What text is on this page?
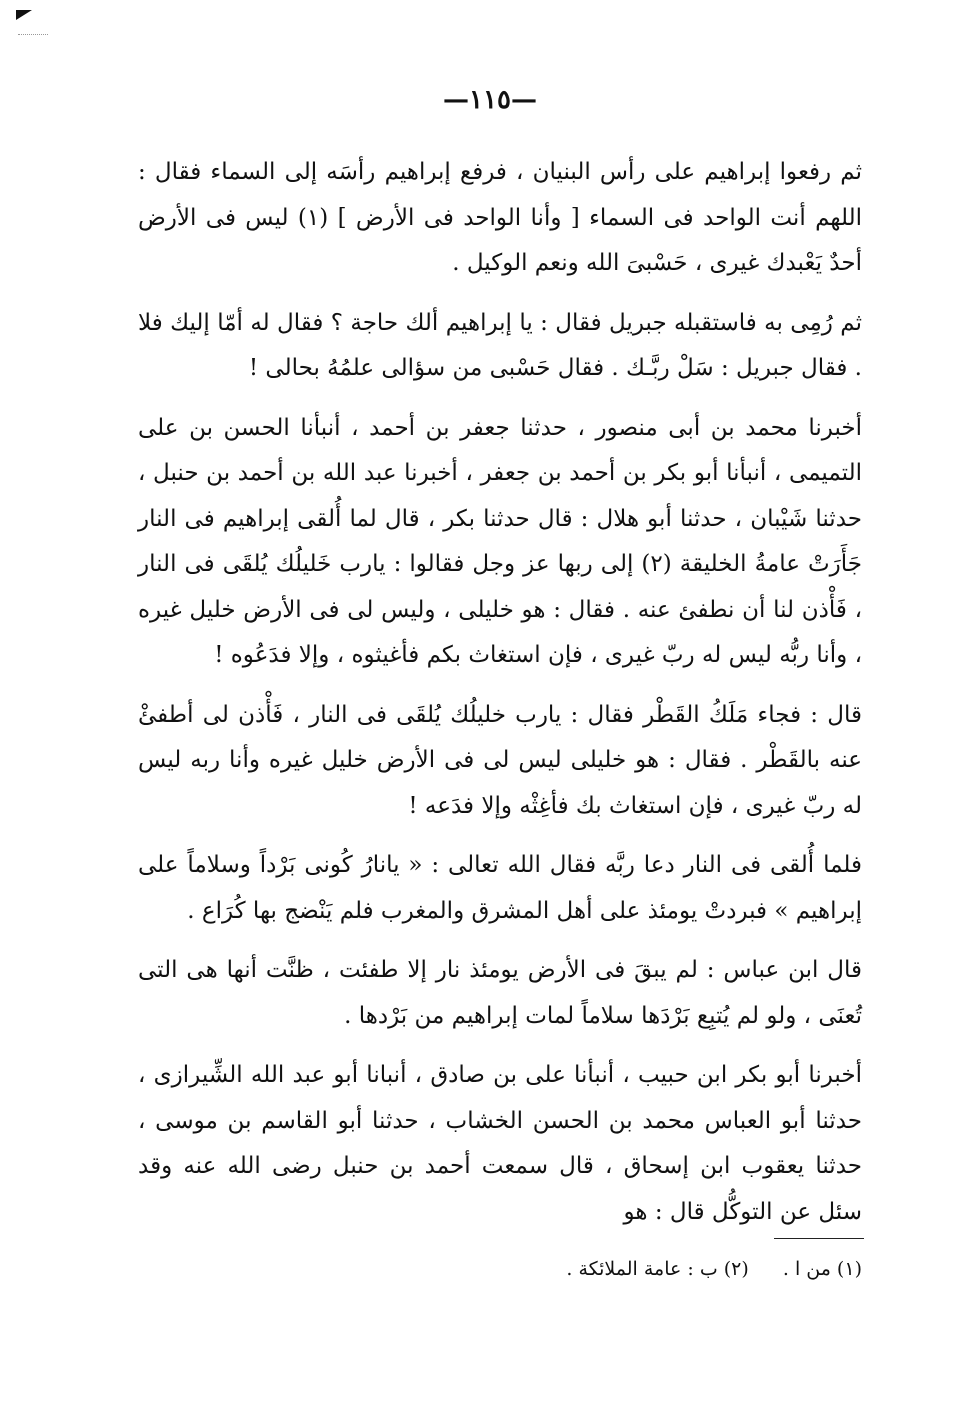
—١١٥—

ثم رفعوا إبراهيم على رأس البنيان ، فرفع إبراهيم رأسَه إلى السماء فقال : اللهم أنت الواحد فى السماء [ وأنا الواحد فى الأرض ] (١) ليس فى الأرض أحدٌ يَعْبدك غيرى ، حَسْبىَ الله ونعم الوكيل .

ثم رُمِى به فاستقبله جبريل فقال : يا إبراهيم ألك حاجة ؟ فقال له أمّا إليك فلا . فقال جبريل : سَلْ ربَّـك . فقال حَسْبى من سؤالى علمُهُ بحالى !

أخبرنا محمد بن أبى منصور ، حدثنا جعفر بن أحمد ، أنبأنا الحسن بن على التميمى ، أنبأنا أبو بكر بن أحمد بن جعفر ، أخبرنا عبد الله بن أحمد بن حنبل ، حدثنا شَيْبان ، حدثنا أبو هلال : قال حدثنا بكر ، قال لما أُلقى إبراهيم فى النار جَأَرَتْ عامةُ الخليقة (٢) إلى ربها عز وجل فقالوا : يارب خَليلُك يُلقَى فى النار ، فَأْذن لنا أن نطفئ عنه . فقال : هو خليلى ، وليس لى فى الأرض خليل غيره ، وأنا ربُّه ليس له ربّ غيرى ، فإن استغاث بكم فأغيثوه ، وإلا فدَعُوه !

قال : فجاء مَلَكُ القَطْر فقال : يارب خليلُك يُلقَى فى النار ، فَأْذن لى أطفئْ عنه بالقَطْر . فقال : هو خليلى ليس لى فى الأرض خليل غيره وأنا ربه ليس له ربّ غيرى ، فإن استغاث بك فأغِثْه وإلا فدَعه !

فلما أُلقى فى النار دعا ربَّه فقال الله تعالى : « يانارُ كُونى بَرْداً وسلاماً على إبراهيم » فبردتْ يومئذ على أهل المشرق والمغرب فلم يَنْضج بها كُرَاع .

قال ابن عباس : لم يبقَ فى الأرض يومئذ نار إلا طفئت ، ظنَّت أنها هى التى تُعنَى ، ولو لم يُتبِع بَرْدَها سلاماً لمات إبراهيم من بَرْدها .

أخبرنا أبو بكر ابن حبيب ، أنبأنا على بن صادق ، أنبانا أبو عبد الله الشِّيرازى ، حدثنا أبو العباس محمد بن الحسن الخشاب ، حدثنا أبو القاسم بن موسى ، حدثنا يعقوب ابن إسحاق ، قال سمعت أحمد بن حنبل رضى الله عنه وقد سئل عن التوكُّل قال : هو

(١) من ا . (٢) ب : عامة الملائكة .
